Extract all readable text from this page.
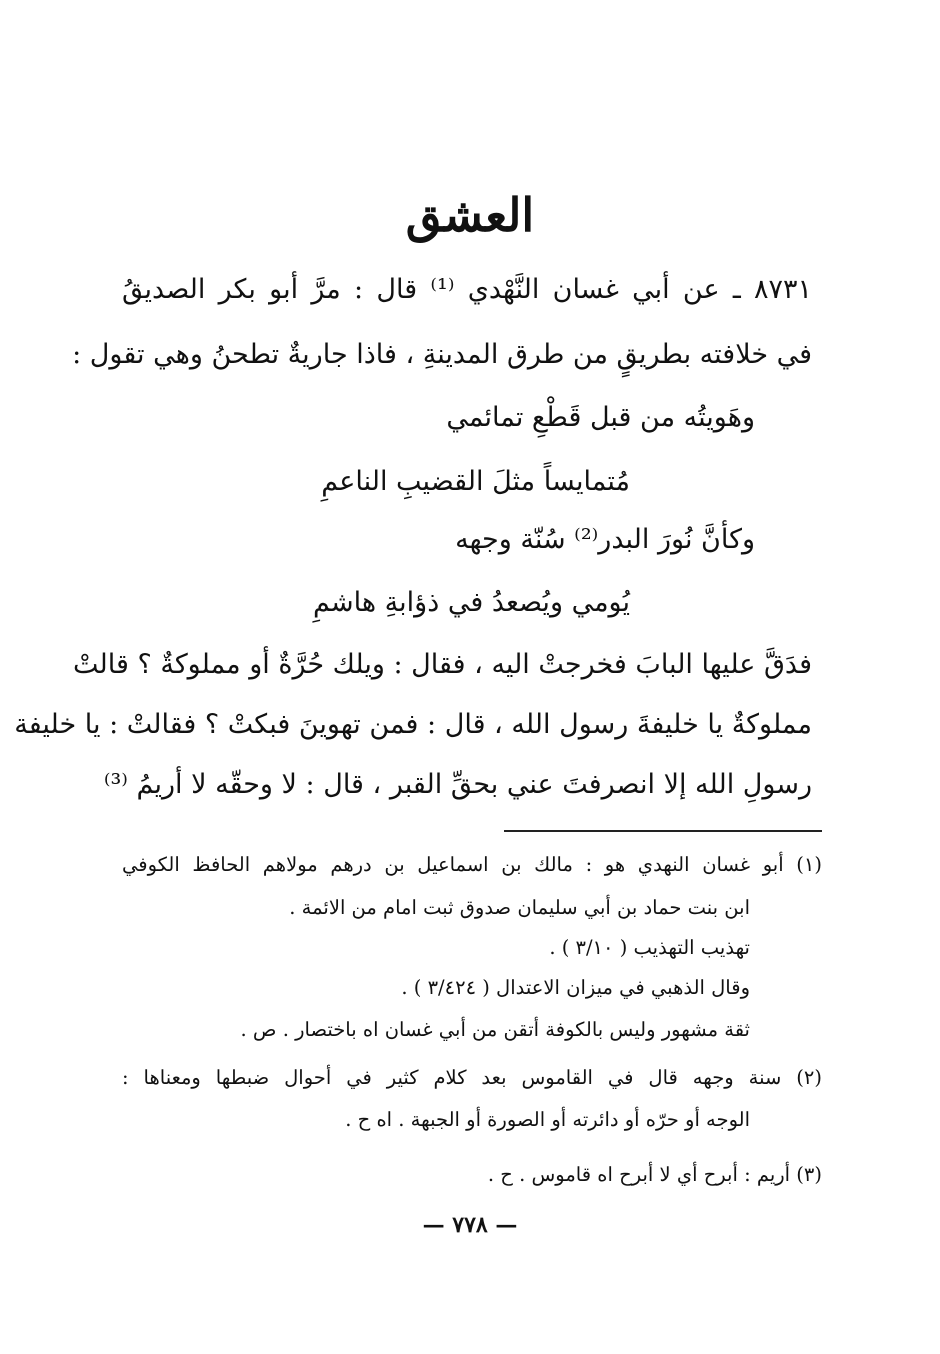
العشق

٨٧٣١ ـ عن أبي غسان النَّهْدي ⁽¹⁾ قال : مرَّ أبو بكر الصديقُ

في خلافته بطريقٍ من طرق المدينةِ ، فاذا جاريةٌ تطحنُ وهي تقول :

وهَويتُه من قبل قَطْعِ تمائمي

مُتمايساً مثلَ القضيبِ الناعمِ

وكأنَّ نُورَ البدر⁽²⁾ سُنّة وجهه

يُومي ويُصعدُ في ذؤابةِ هاشمِ

فدَقَّ عليها البابَ فخرجتْ اليه ، فقال : ويلك حُرَّةٌ أو مملوكةٌ ؟ قالتْ

مملوكةٌ يا خليفةَ رسول الله ، قال : فمن تهوينَ فبكتْ ؟ فقالتْ : يا خليفة

رسولِ الله إلا انصرفتَ عني بحقِّ القبر ، قال : لا وحقّه لا أريمُ ⁽³⁾

(١) أبو غسان النهدي هو : مالك بن اسماعيل بن درهم مولاهم الحافظ الكوفي

ابن بنت حماد بن أبي سليمان صدوق ثبت امام من الائمة .

تهذيب التهذيب ( ٣/١٠ ) .

وقال الذهبي في ميزان الاعتدال ( ٣/٤٢٤ ) .

ثقة مشهور وليس بالكوفة أتقن من أبي غسان اه باختصار . ص .

(٢) سنة وجهه قال في القاموس بعد كلام كثير في أحوال ضبطها ومعناها :

الوجه أو حرّه أو دائرته أو الصورة أو الجبهة . اه ح .

(٣) أريم : أبرح أي لا أبرح اه قاموس . ح .

— ٧٧٨ —
